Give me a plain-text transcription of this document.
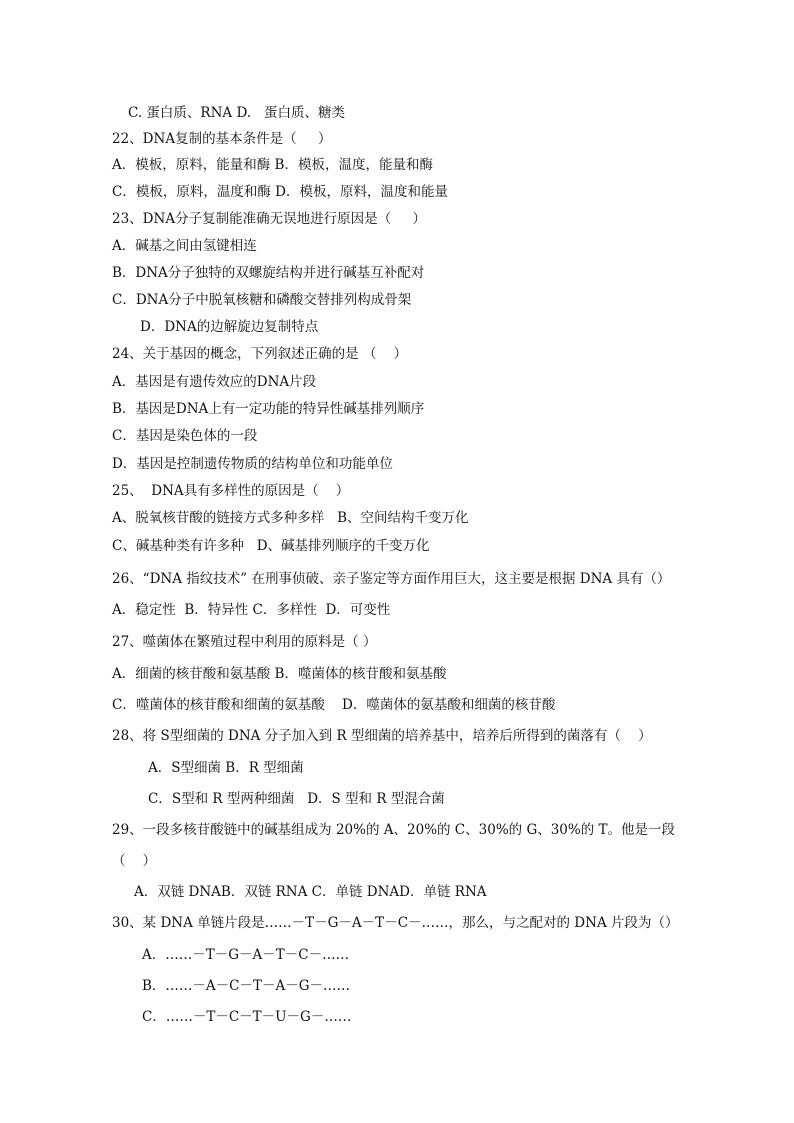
C. 蛋白质、RNA D.   蛋白质、糖类
22、DNA复制的基本条件是（     ）
A．模板，原料，能量和酶 B．模板，温度，能量和酶
C．模板，原料，温度和酶 D．模板，原料，温度和能量
23、DNA分子复制能准确无误地进行原因是（     ）
A．碱基之间由氢键相连
B．DNA分子独特的双螺旋结构并进行碱基互补配对
C．DNA分子中脱氧核糖和磷酸交替排列构成骨架
D．DNA的边解旋边复制特点
24、关于基因的概念，下列叙述正确的是 （    ）
A．基因是有遗传效应的DNA片段
B．基因是DNA上有一定功能的特异性碱基排列顺序
C．基因是染色体的一段
D．基因是控制遗传物质的结构单位和功能单位
25、  DNA具有多样性的原因是（    ）
A、脱氧核苷酸的链接方式多种多样   B、空间结构千变万化
C、碱基种类有许多种   D、碱基排列顺序的千变万化
26、“DNA 指纹技术” 在刑事侦破、亲子鉴定等方面作用巨大，这主要是根据 DNA 具有（）
A．稳定性  B．特异性 C．多样性  D．可变性
27、噬菌体在繁殖过程中利用的原料是（ ）
A．细菌的核苷酸和氨基酸 B．噬菌体的核苷酸和氨基酸
C．噬菌体的核苷酸和细菌的氨基酸    D．噬菌体的氨基酸和细菌的核苷酸
28、将 S型细菌的 DNA 分子加入到 R 型细菌的培养基中，培养后所得到的菌落有（    ）
A．S型细菌 B．R 型细菌
C．S型和 R 型两种细菌   D．S 型和 R 型混合菌
29、一段多核苷酸链中的碱基组成为 20%的 A、20%的 C、30%的 G、30%的 T。他是一段
（    ）
A．双链 DNAB．双链 RNA C．单链 DNAD．单链 RNA
30、某 DNA 单链片段是……－T－G－A－T－C－……，那么，与之配对的 DNA 片段为（）
A．……－T－G－A－T－C－……
B．……－A－C－T－A－G－……
C．……－T－C－T－U－G－……
